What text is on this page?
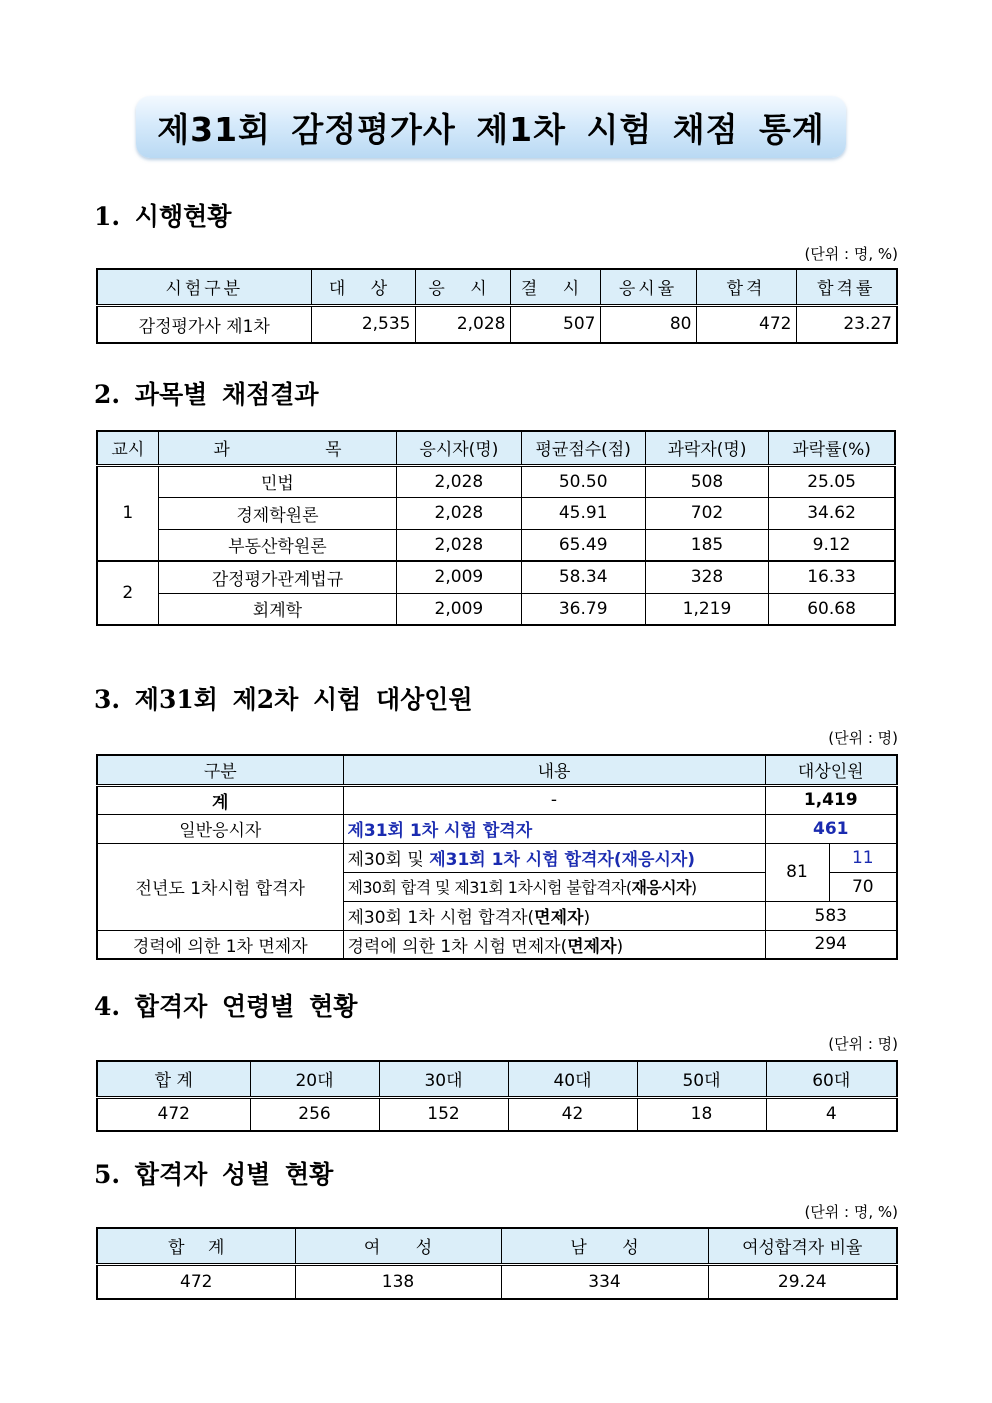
제31회 감정평가사 제1차 시험 채점 통계
1. 시행현황
(단위 : 명, %)
시험구분	대 상	응 시	결 시	응시율	합격	합격률
감정평가사 제1차	2,535	2,028	507	80	472	23.27
2. 과목별 채점결과
교시	과 목	응시자(명)	평균점수(점)	과락자(명)	과락률(%)
1	민법	2,028	50.50	508	25.05
	경제학원론	2,028	45.91	702	34.62
	부동산학원론	2,028	65.49	185	9.12
2	감정평가관계법규	2,009	58.34	328	16.33
	회계학	2,009	36.79	1,219	60.68
3. 제31회 제2차 시험 대상인원
(단위 : 명)
구분	내용	대상인원	
계	-	1,419	
일반응시자	제31회 1차 시험 합격자	461	
전년도 1차시험 합격자	제30회 및 제31회 1차 시험 합격자(재응시자)	81	11
	제30회 합격 및 제31회 1차시험 불합격자(재응시자)		70
	제30회 1차 시험 합격자(면제자)	583	
경력에 의한 1차 면제자	경력에 의한 1차 시험 면제자(면제자)	294	
4. 합격자 연령별 현황
(단위 : 명)
합 계	20대	30대	40대	50대	60대
472	256	152	42	18	4
5. 합격자 성별 현황
(단위 : 명, %)
합 계	여 성	남 성	여성합격자 비율
472	138	334	29.24
